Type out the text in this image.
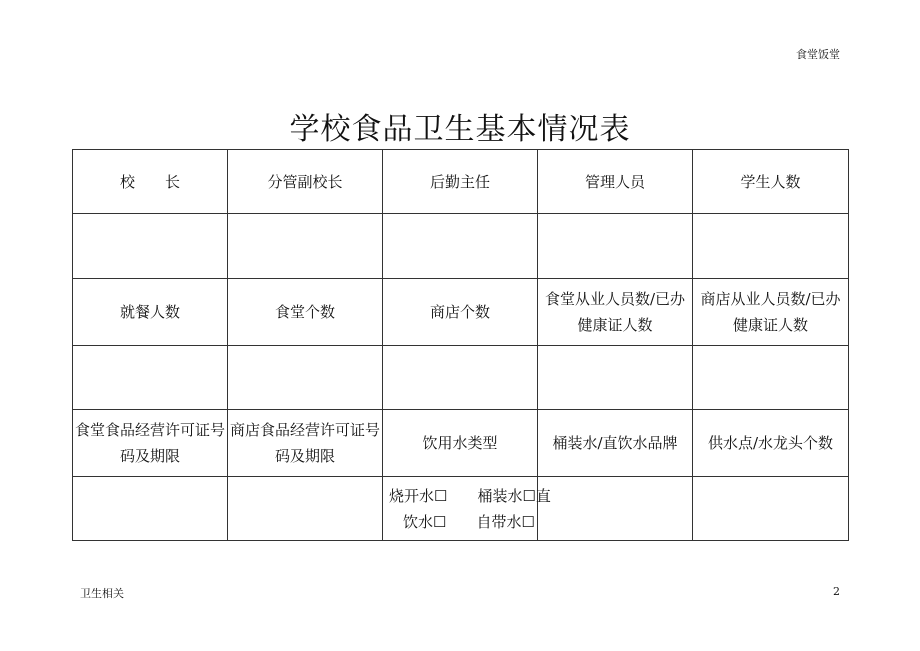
食堂饭堂
学校食品卫生基本情况表
校　　长	分管副校长	后勤主任	管理人员	学生人数

就餐人数	食堂个数	商店个数	食堂从业人员数/已办健康证人数	商店从业人员数/已办健康证人数

食堂食品经营许可证号码及期限	商店食品经营许可证号码及期限	饮用水类型	桶装水/直饮水品牌	供水点/水龙头个数

		烧开水☐ 桶装水☐直
饮水☐ 自带水☐		

卫生相关	2
